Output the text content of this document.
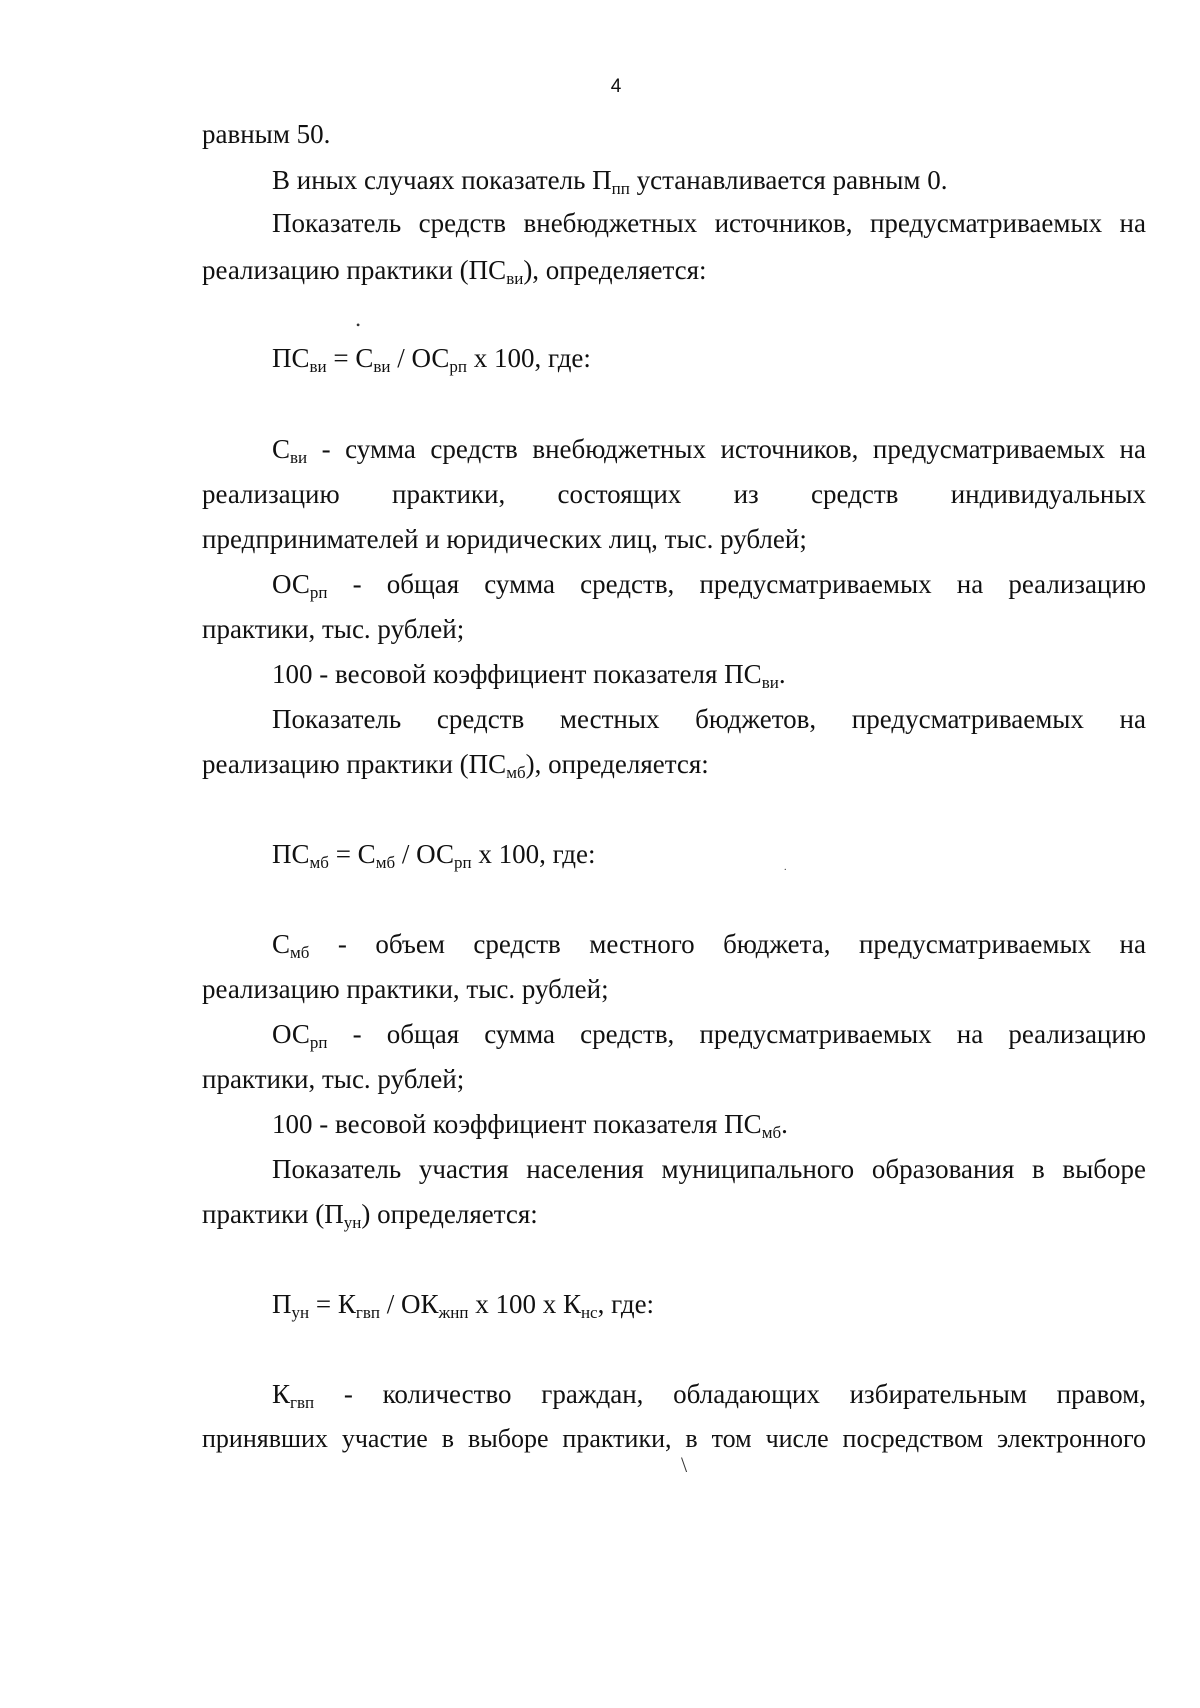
4
равным 50.
В иных случаях показатель $П_{пп}$ устанавливается равным 0.
Показатель средств внебюджетных источников, предусматриваемых на
реализацию практики $(ПС_{ви})$, определяется:
•
$ПС_{ви} = С_{ви} / ОС_{рп}$ х 100, где:
$С_{ви}$ - сумма средств внебюджетных источников, предусматриваемых на
реализацию практики, состоящих из средств индивидуальных
предпринимателей и юридических лиц, тыс. рублей;
$ОС_{рп}$ - общая сумма средств, предусматриваемых на реализацию
практики, тыс. рублей;
100 - весовой коэффициент показателя $ПС_{ви}$.
Показатель средств местных бюджетов, предусматриваемых на
реализацию практики $(ПС_{мб})$, определяется:
$ПС_{мб} = С_{мб} / ОС_{рп}$ х 100, где:	.
$С_{мб}$ - объем средств местного бюджета, предусматриваемых на
реализацию практики, тыс. рублей;
$ОС_{рп}$ - общая сумма средств, предусматриваемых на реализацию
практики, тыс. рублей;
100 - весовой коэффициент показателя $ПС_{мб}$.
Показатель участия населения муниципального образования в выборе
практики $(П_{ун})$ определяется:
$П_{ун} = К_{гвп} / ОК_{жнп}$ х 100 х $К_{нс}$, где:
$К_{гвп}$ - количество граждан, обладающих избирательным правом,
принявших участие в выборе практики, в том числе посредством электронного
\
